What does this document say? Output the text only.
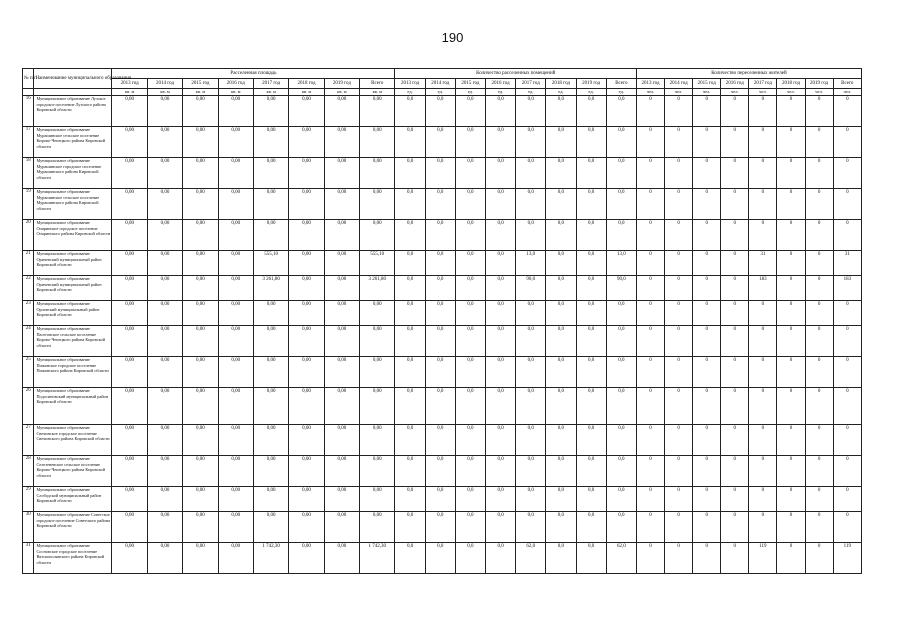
190
№ п/п	Наименование муниципального образования	Расселенная площадь								Количество расселенных помещений								Количество переселенных жителей							
		2013 год	2014 год	2015 год	2016 год	2017 год	2018 год	2019 год	Всего	2013 год	2014 год	2015 год	2016 год	2017 год	2018 год	2019 год	Всего	2013 год	2014 год	2015 год	2016 год	2017 год	2018 год	2019 год	Всего
		кв. м	кв. м	кв. м	кв. м	кв. м	кв. м	кв. м	кв. м	ед.	ед.	ед.	ед.	ед.	ед.	ед.	ед.	чел.	чел.	чел.	чел.	чел.	чел.	чел.	чел.
16	Муниципальное образование Лузское городское поселение Лузского района Кировской области	0,00	0,00	0,00	0,00	0,00	0,00	0,00	0,00	0,0	0,0	0,0	0,0	0,0	0,0	0,0	0,0	0	0	0	0	0	0	0	0
17	Муниципальное образование Мурашинское сельское поселение Кирово-Чепецкого района Кировской области	0,00	0,00	0,00	0,00	0,00	0,00	0,00	0,00	0,0	0,0	0,0	0,0	0,0	0,0	0,0	0,0	0	0	0	0	0	0	0	0
18	Муниципальное образование Мурашинское городское поселение Мурашинского района Кировской области	0,00	0,00	0,00	0,00	0,00	0,00	0,00	0,00	0,0	0,0	0,0	0,0	0,0	0,0	0,0	0,0	0	0	0	0	0	0	0	0
19	Муниципальное образование Мурашинское сельское поселение Мурашинского района Кировской области	0,00	0,00	0,00	0,00	0,00	0,00	0,00	0,00	0,0	0,0	0,0	0,0	0,0	0,0	0,0	0,0	0	0	0	0	0	0	0	0
20	Муниципальное образование Опаринское городское поселение Опаринского района Кировской области	0,00	0,00	0,00	0,00	0,00	0,00	0,00	0,00	0,0	0,0	0,0	0,0	0,0	0,0	0,0	0,0	0	0	0	0	0	0	0	0
21	Муниципальное образование Оричевский муниципальный район Кировской области	0,00	0,00	0,00	0,00	555,10	0,00	0,00	555,10	0,0	0,0	0,0	0,0	13,0	0,0	0,0	13,0	0	0	0	0	31	0	0	31
22	Муниципальное образование Оричевский муниципальный район Кировской области	0,00	0,00	0,00	0,00	3 261,80	0,00	0,00	3 261,80	0,0	0,0	0,0	0,0	90,0	0,0	0,0	90,0	0	0	0	0	183	0	0	183
23	Муниципальное образование Орловский муниципальный район Кировской области	0,00	0,00	0,00	0,00	0,00	0,00	0,00	0,00	0,0	0,0	0,0	0,0	0,0	0,0	0,0	0,0	0	0	0	0	0	0	0	0
24	Муниципальное образование Пасеговское сельское поселение Кирово-Чепецкого района Кировской области	0,00	0,00	0,00	0,00	0,00	0,00	0,00	0,00	0,0	0,0	0,0	0,0	0,0	0,0	0,0	0,0	0	0	0	0	0	0	0	0
25	Муниципальное образование Пижанское городское поселение Пижанского района Кировской области	0,00	0,00	0,00	0,00	0,00	0,00	0,00	0,00	0,0	0,0	0,0	0,0	0,0	0,0	0,0	0,0	0	0	0	0	0	0	0	0
26	Муниципальное образование Подосиновский муниципальный район Кировской области	0,00	0,00	0,00	0,00	0,00	0,00	0,00	0,00	0,0	0,0	0,0	0,0	0,0	0,0	0,0	0,0	0	0	0	0	0	0	0	0
27	Муниципальное образование Свечинское городское поселение Свечинского района Кировской области	0,00	0,00	0,00	0,00	0,00	0,00	0,00	0,00	0,0	0,0	0,0	0,0	0,0	0,0	0,0	0,0	0	0	0	0	0	0	0	0
28	Муниципальное образование Селезеневское сельское поселение Кирово-Чепецкого района Кировской области	0,00	0,00	0,00	0,00	0,00	0,00	0,00	0,00	0,0	0,0	0,0	0,0	0,0	0,0	0,0	0,0	0	0	0	0	0	0	0	0
29	Муниципальное образование Слободской муниципальный район Кировской области	0,00	0,00	0,00	0,00	0,00	0,00	0,00	0,00	0,0	0,0	0,0	0,0	0,0	0,0	0,0	0,0	0	0	0	0	0	0	0	0
30	Муниципальное образование Советское городское поселение Советского района Кировской области	0,00	0,00	0,00	0,00	0,00	0,00	0,00	0,00	0,0	0,0	0,0	0,0	0,0	0,0	0,0	0,0	0	0	0	0	0	0	0	0
31	Муниципальное образование Сосновское городское поселение Вятскополянского района Кировской области	0,00	0,00	0,00	0,00	1 742,30	0,00	0,00	1 742,30	0,0	0,0	0,0	0,0	62,0	0,0	0,0	62,0	0	0	0	0	119	0	0	119
